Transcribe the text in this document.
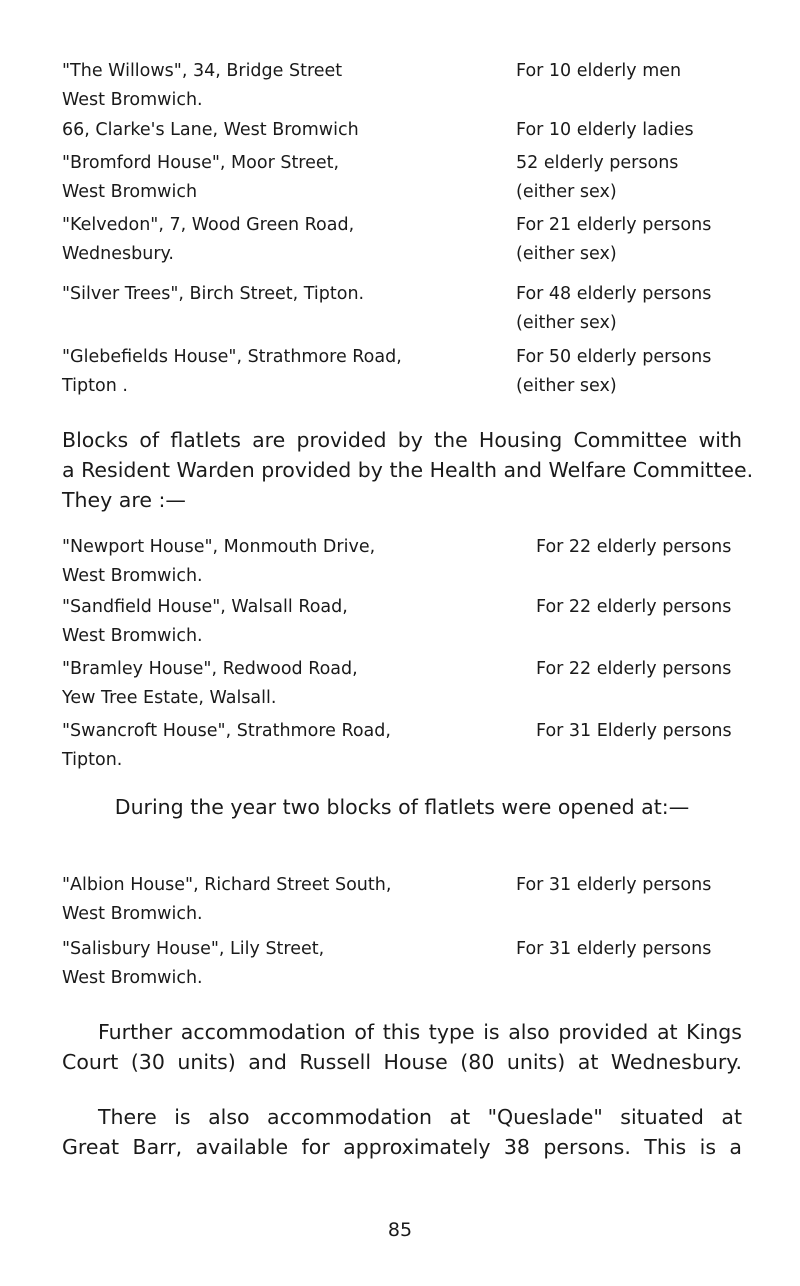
"The Willows", 34, Bridge Street
West Bromwich.
For 10 elderly men
66, Clarke's Lane, West Bromwich	For 10 elderly ladies
"Bromford House", Moor Street,
West Bromwich
52 elderly persons
(either sex)
"Kelvedon", 7, Wood Green Road,
Wednesbury.
For 21 elderly persons
(either sex)
"Silver Trees", Birch Street, Tipton.	For 48 elderly persons
(either sex)
"Glebefields House", Strathmore Road,
Tipton .
For 50 elderly persons
(either sex)
Blocks of flatlets are provided by the Housing Committee with
a Resident Warden provided by the Health and Welfare Committee.
They are :—
"Newport House", Monmouth Drive,
West Bromwich.
For 22 elderly persons
"Sandfield House", Walsall Road,
West Bromwich.
For 22 elderly persons
"Bramley House", Redwood Road,
Yew Tree Estate, Walsall.
For 22 elderly persons
"Swancroft House", Strathmore Road,
Tipton.
For 31 Elderly persons
During the year two blocks of flatlets were opened at:—
"Albion House", Richard Street South,
West Bromwich.
For 31 elderly persons
"Salisbury House", Lily Street,
West Bromwich.
For 31 elderly persons
Further accommodation of this type is also provided at Kings
Court (30 units) and Russell House (80 units) at Wednesbury.
There is also accommodation at "Queslade" situated at
Great Barr, available for approximately 38 persons. This is a
85
